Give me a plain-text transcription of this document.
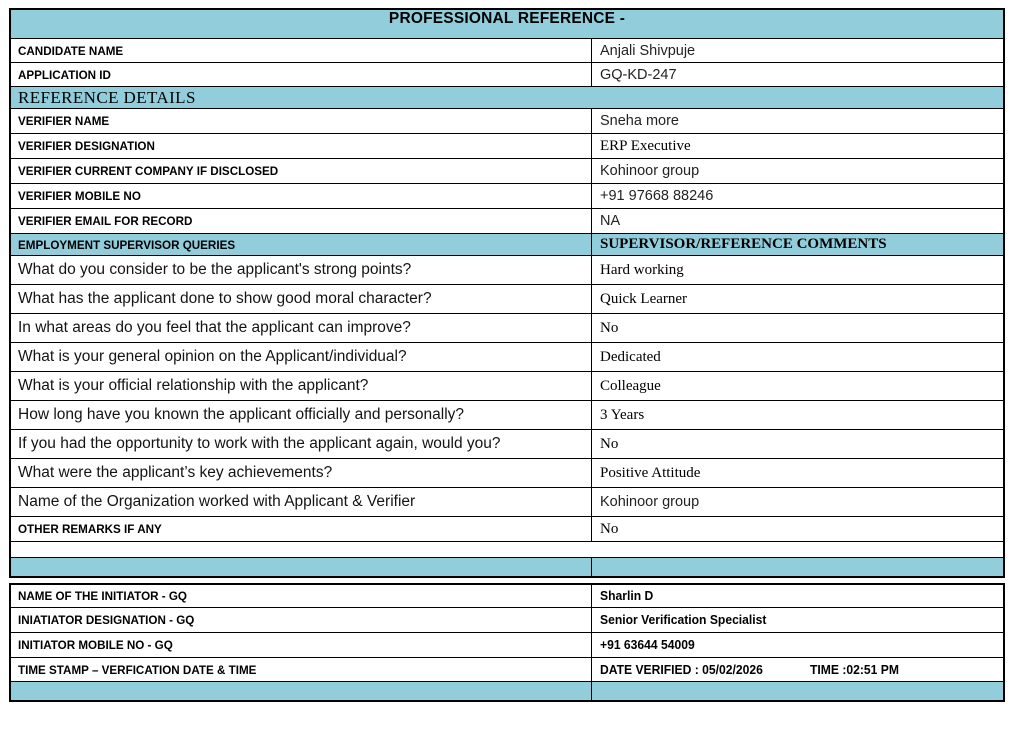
PROFESSIONAL REFERENCE -
CANDIDATE NAME	Anjali Shivpuje
APPLICATION ID	GQ-KD-247
REFERENCE DETAILS
VERIFIER NAME	Sneha more
VERIFIER DESIGNATION	ERP Executive
VERIFIER CURRENT COMPANY IF DISCLOSED	Kohinoor group
VERIFIER MOBILE NO	+91 97668 88246
VERIFIER EMAIL FOR RECORD	NA
EMPLOYMENT SUPERVISOR QUERIES	SUPERVISOR/REFERENCE COMMENTS
What do you consider to be the applicant's strong points?	Hard working
What has the applicant done to show good moral character?	Quick Learner
In what areas do you feel that the applicant can improve?	No
What is your general opinion on the Applicant/individual?	Dedicated
What is your official relationship with the applicant?	Colleague
How long have you known the applicant officially and personally?	3 Years
If you had the opportunity to work with the applicant again, would you?	No
What were the applicant’s key achievements?	Positive Attitude
Name of the Organization worked with Applicant & Verifier	Kohinoor group
OTHER REMARKS IF ANY	No
NAME OF THE INITIATOR - GQ	Sharlin D
INIATIATOR DESIGNATION - GQ	Senior Verification Specialist
INITIATOR MOBILE NO - GQ	+91 63644 54009
TIME STAMP – VERFICATION DATE & TIME	DATE VERIFIED : 05/02/2026	TIME :02:51 PM
